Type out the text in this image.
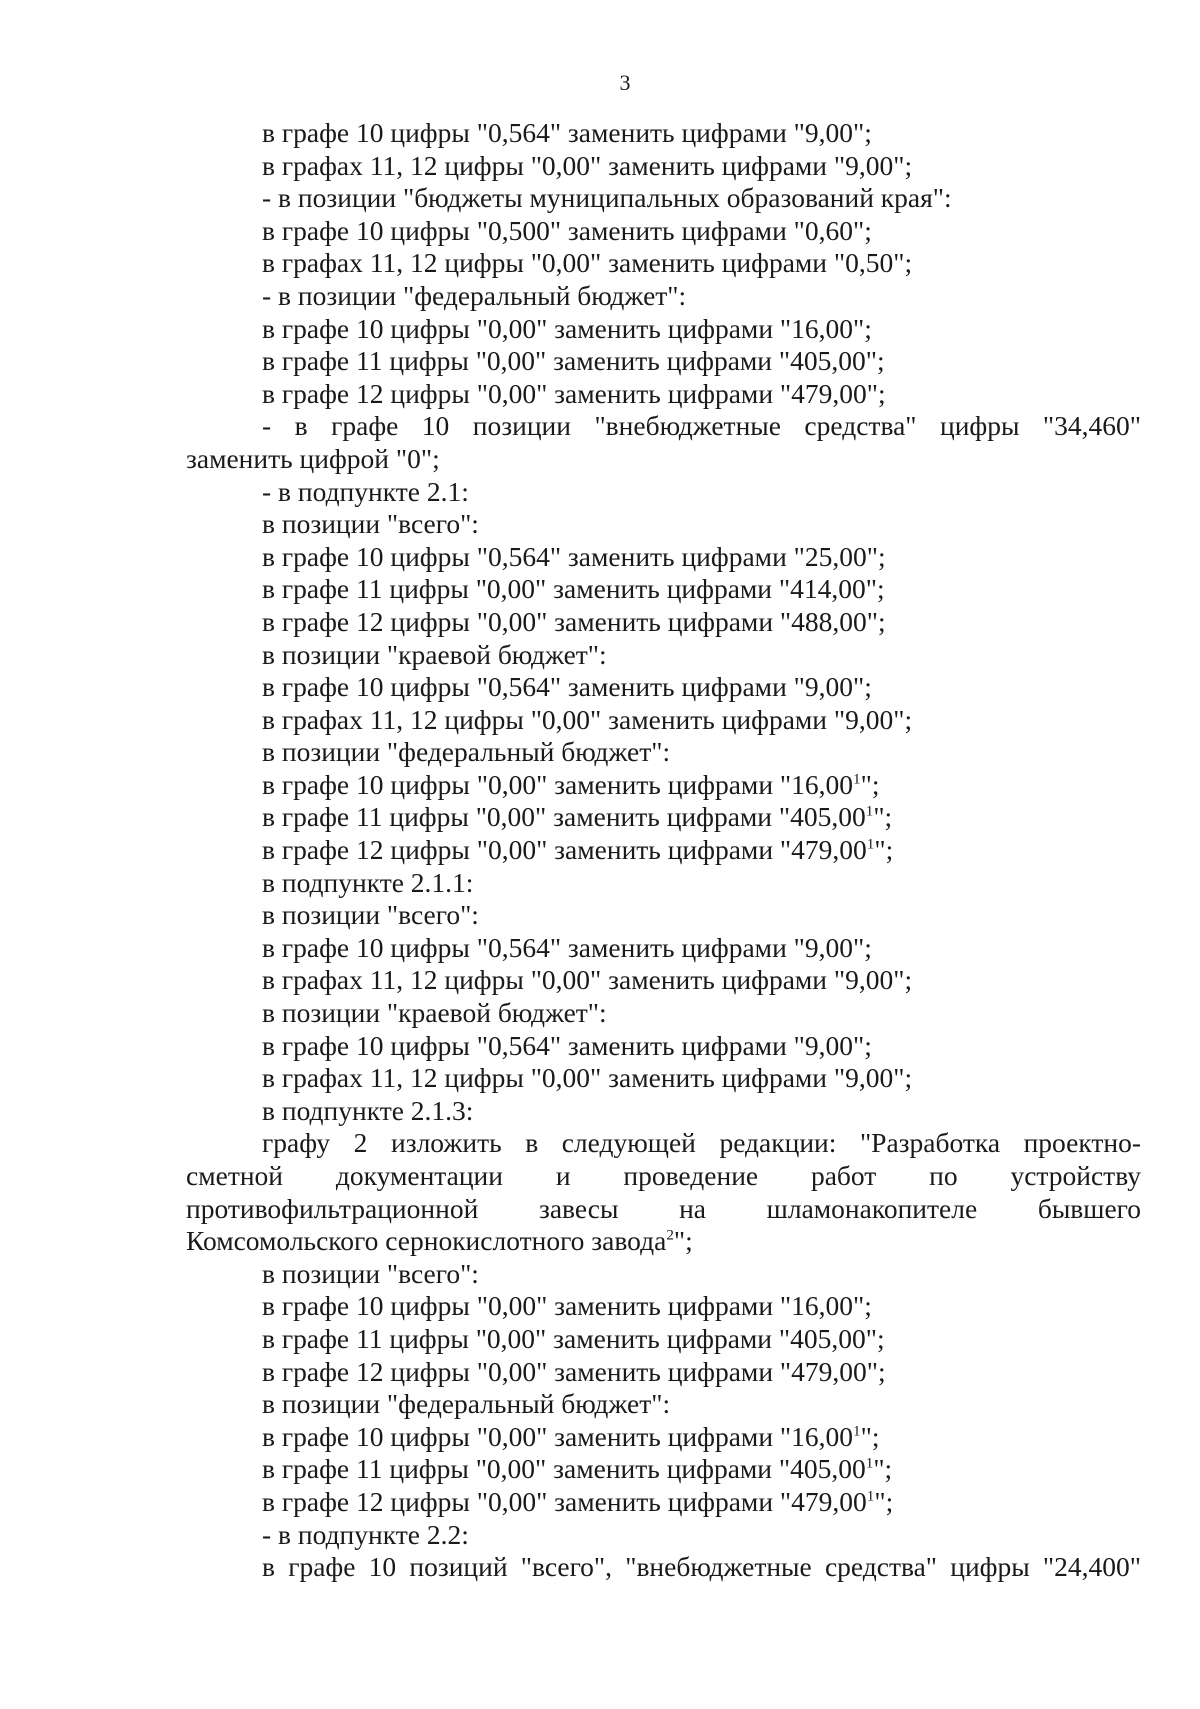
3
в графе 10 цифры "0,564" заменить цифрами "9,00";
в графах 11, 12 цифры "0,00" заменить цифрами "9,00";
- в позиции "бюджеты муниципальных образований края":
в графе 10 цифры "0,500" заменить цифрами "0,60";
в графах 11, 12 цифры "0,00" заменить цифрами "0,50";
- в позиции "федеральный бюджет":
в графе 10 цифры "0,00" заменить цифрами "16,00";
в графе 11 цифры "0,00" заменить цифрами "405,00";
в графе 12 цифры "0,00" заменить цифрами "479,00";
- в графе 10 позиции "внебюджетные средства" цифры "34,460"
заменить цифрой "0";
- в подпункте 2.1:
в позиции "всего":
в графе 10 цифры "0,564" заменить цифрами "25,00";
в графе 11 цифры "0,00" заменить цифрами "414,00";
в графе 12 цифры "0,00" заменить цифрами "488,00";
в позиции "краевой бюджет":
в графе 10 цифры "0,564" заменить цифрами "9,00";
в графах 11, 12 цифры "0,00" заменить цифрами "9,00";
в позиции "федеральный бюджет":
в графе 10 цифры "0,00" заменить цифрами "16,00$^1$";
в графе 11 цифры "0,00" заменить цифрами "405,00$^1$";
в графе 12 цифры "0,00" заменить цифрами "479,00$^1$";
в подпункте 2.1.1:
в позиции "всего":
в графе 10 цифры "0,564" заменить цифрами "9,00";
в графах 11, 12 цифры "0,00" заменить цифрами "9,00";
в позиции "краевой бюджет":
в графе 10 цифры "0,564" заменить цифрами "9,00";
в графах 11, 12 цифры "0,00" заменить цифрами "9,00";
в подпункте 2.1.3:
графу 2 изложить в следующей редакции: "Разработка проектно-
сметной документации и проведение работ по устройству
противофильтрационной завесы на шламонакопителе бывшего
Комсомольского сернокислотного завода$^2$";
в позиции "всего":
в графе 10 цифры "0,00" заменить цифрами "16,00";
в графе 11 цифры "0,00" заменить цифрами "405,00";
в графе 12 цифры "0,00" заменить цифрами "479,00";
в позиции "федеральный бюджет":
в графе 10 цифры "0,00" заменить цифрами "16,00$^1$";
в графе 11 цифры "0,00" заменить цифрами "405,00$^1$";
в графе 12 цифры "0,00" заменить цифрами "479,00$^1$";
- в подпункте 2.2:
в графе 10 позиций "всего", "внебюджетные средства" цифры "24,400"
